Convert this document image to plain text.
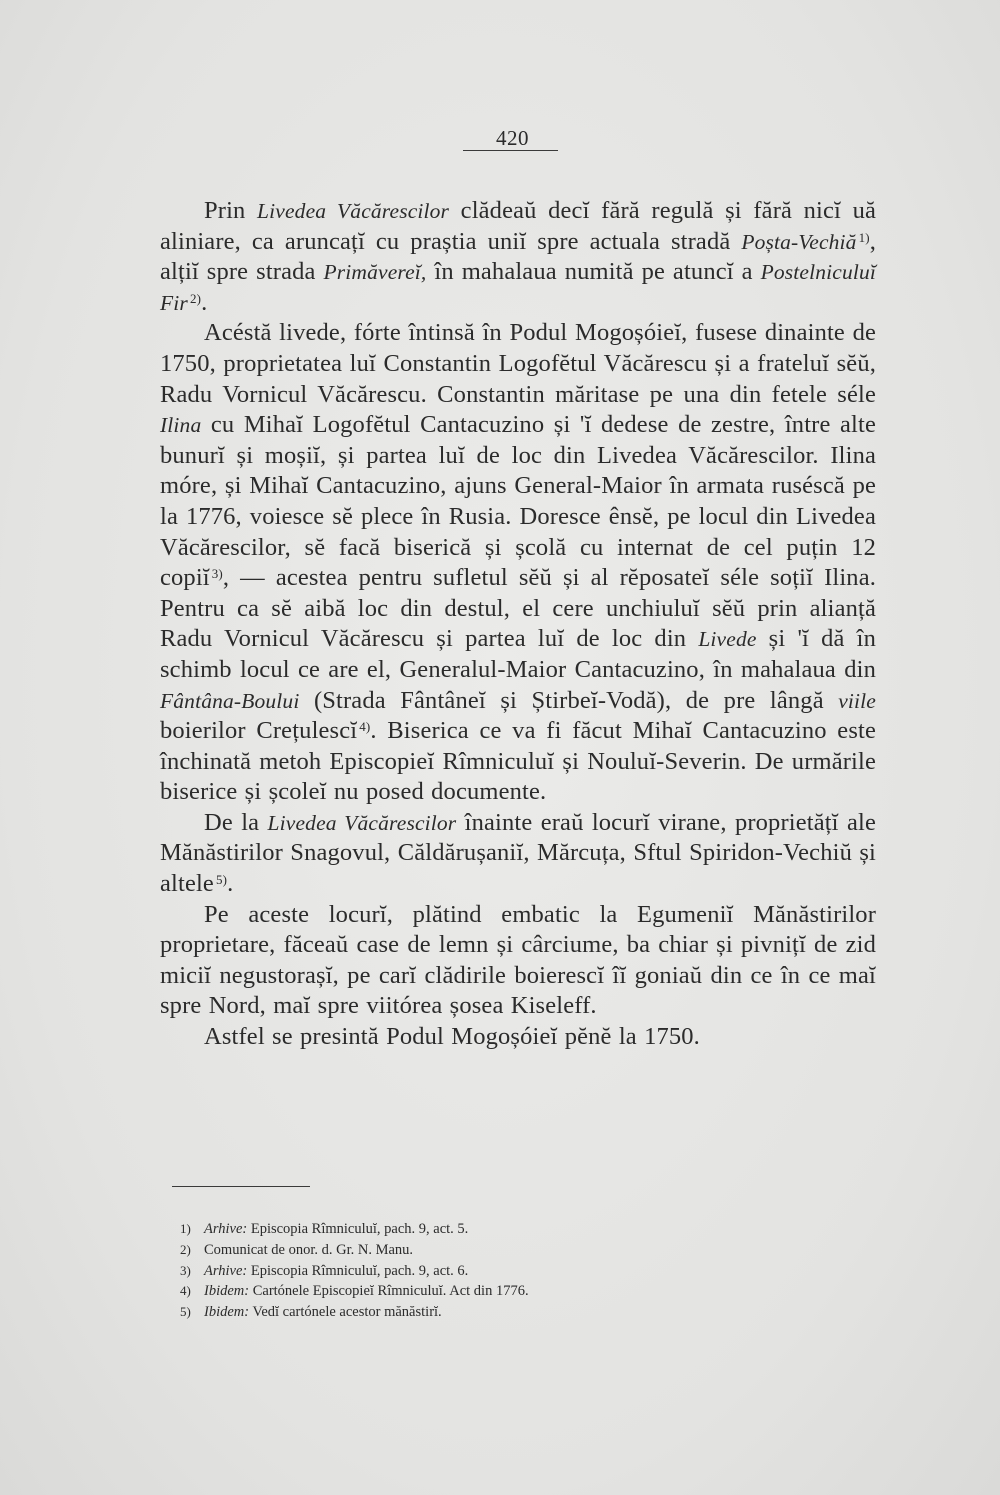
420

Prin Livedea Văcărescilor clădeaŭ decĭ fără regulă și fără nicĭ uă aliniare, ca aruncațĭ cu praștia uniĭ spre actuala stradă Poșta-Vechiă $^{1)}$, alțiĭ spre strada Primăvereĭ, în mahalaua numită pe atuncĭ a Postelniculuĭ Fir $^{2)}$.

Acéstă livede, fórte întinsă în Podul Mogoșóieĭ, fusese dinainte de 1750, proprietatea luĭ Constantin Logofĕtul Văcărescu și a frateluĭ sĕŭ, Radu Vornicul Văcărescu. Constantin măritase pe una din fetele séle Ilina cu Mihaĭ Logofĕtul Cantacuzino și 'ĭ dedese de zestre, între alte bunurĭ și moșiĭ, și partea luĭ de loc din Livedea Văcărescilor. Ilina móre, și Mihaĭ Cantacuzino, ajuns General-Maior în armata ruséscă pe la 1776, voiesce sĕ plece în Rusia. Doresce ênsĕ, pe locul din Livedea Văcărescilor, sĕ facă biserică și școlă cu internat de cel puțin 12 copiĭ $^{3)}$, — acestea pentru sufletul sĕŭ și al rĕposateĭ séle soțiĭ Ilina. Pentru ca sĕ aibă loc din destul, el cere unchiuluĭ sĕŭ prin alianță Radu Vornicul Văcărescu și partea luĭ de loc din Livede și 'ĭ dă în schimb locul ce are el, Generalul-Maior Cantacuzino, în mahalaua din Fântâna-Boului (Strada Fântâneĭ și Știrbeĭ-Vodă), de pre lângă viile boierilor Crețulescĭ $^{4)}$. Biserica ce va fi făcut Mihaĭ Cantacuzino este închinată metoh Episcopieĭ Rîmniculuĭ și Nouluĭ-Severin. De urmările biserice și școleĭ nu posed documente.

De la Livedea Văcărescilor înainte eraŭ locurĭ virane, proprietățĭ ale Mănăstirilor Snagovul, Căldărușaniĭ, Mărcuța, Sftul Spiridon-Vechiŭ și altele $^{5)}$.

Pe aceste locurĭ, plătind embatic la Egumeniĭ Mănăstirilor proprietare, făceaŭ case de lemn și cârciume, ba chiar și pivnițĭ de zid miciĭ negustorașĭ, pe carĭ clădirile boierescĭ îĭ goniaŭ din ce în ce maĭ spre Nord, maĭ spre viitórea șosea Kiseleff.

Astfel se presintă Podul Mogoșóieĭ pĕnĕ la 1750.

1) Arhive: Episcopia Rîmniculuĭ, pach. 9, act. 5.
2) Comunicat de onor. d. Gr. N. Manu.
3) Arhive: Episcopia Rîmniculuĭ, pach. 9, act. 6.
4) Ibidem: Cartónele Episcopieĭ Rîmniculuĭ. Act din 1776.
5) Ibidem: Vedĭ cartónele acestor mănăstirĭ.
